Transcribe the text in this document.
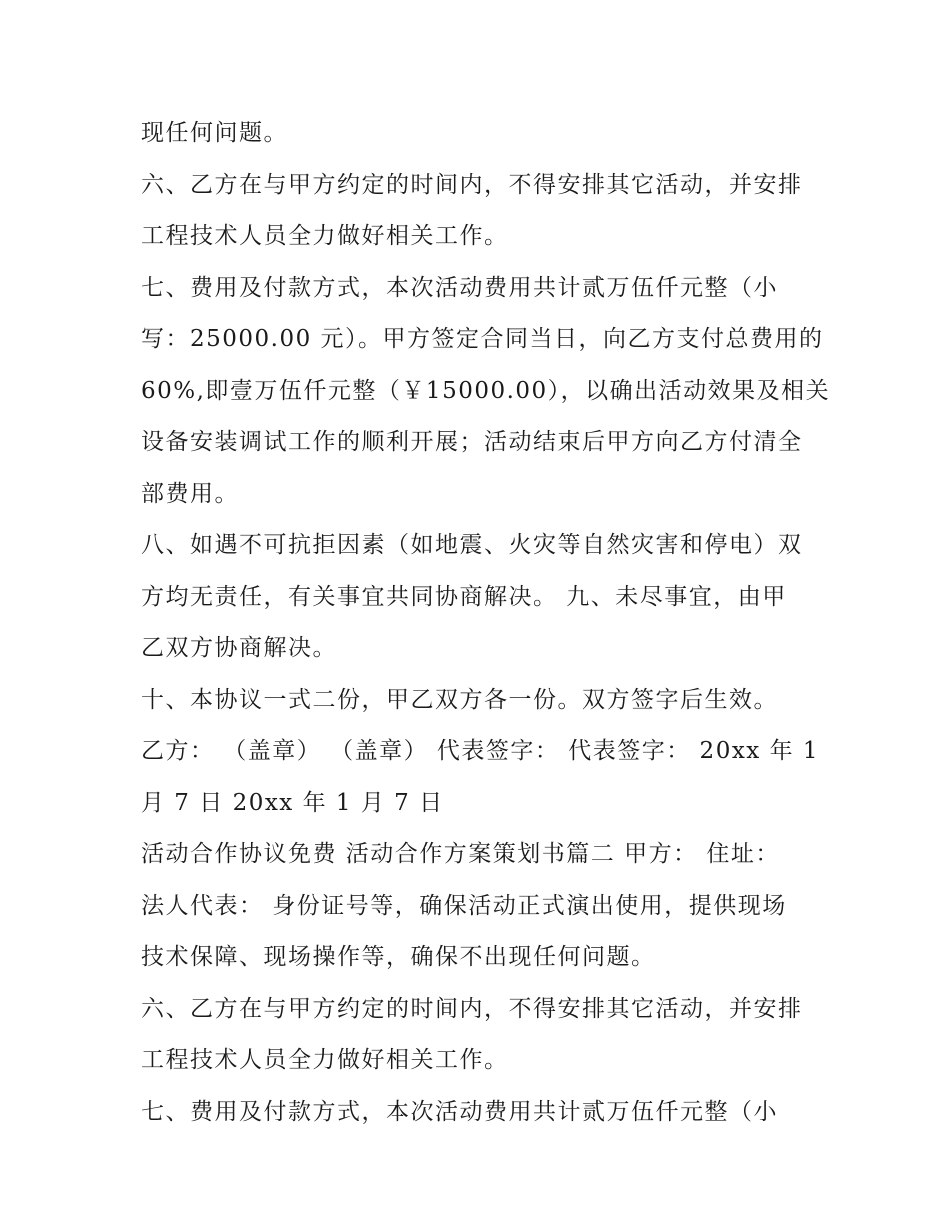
现任何问题。
六、乙方在与甲方约定的时间内，不得安排其它活动，并安排
工程技术人员全力做好相关工作。
七、费用及付款方式，本次活动费用共计贰万伍仟元整（小
写：25000.00 元）。甲方签定合同当日，向乙方支付总费用的
60%,即壹万伍仟元整（￥15000.00），以确出活动效果及相关
设备安装调试工作的顺利开展；活动结束后甲方向乙方付清全
部费用。
八、如遇不可抗拒因素（如地震、火灾等自然灾害和停电）双
方均无责任，有关事宜共同协商解决。 九、未尽事宜，由甲
乙双方协商解决。
十、本协议一式二份，甲乙双方各一份。双方签字后生效。
乙方： （盖章） （盖章） 代表签字： 代表签字： 20xx 年 1
月 7 日 20xx 年 1 月 7 日
活动合作协议免费 活动合作方案策划书篇二 甲方： 住址：
法人代表： 身份证号等，确保活动正式演出使用，提供现场
技术保障、现场操作等，确保不出现任何问题。
六、乙方在与甲方约定的时间内，不得安排其它活动，并安排
工程技术人员全力做好相关工作。
七、费用及付款方式，本次活动费用共计贰万伍仟元整（小
